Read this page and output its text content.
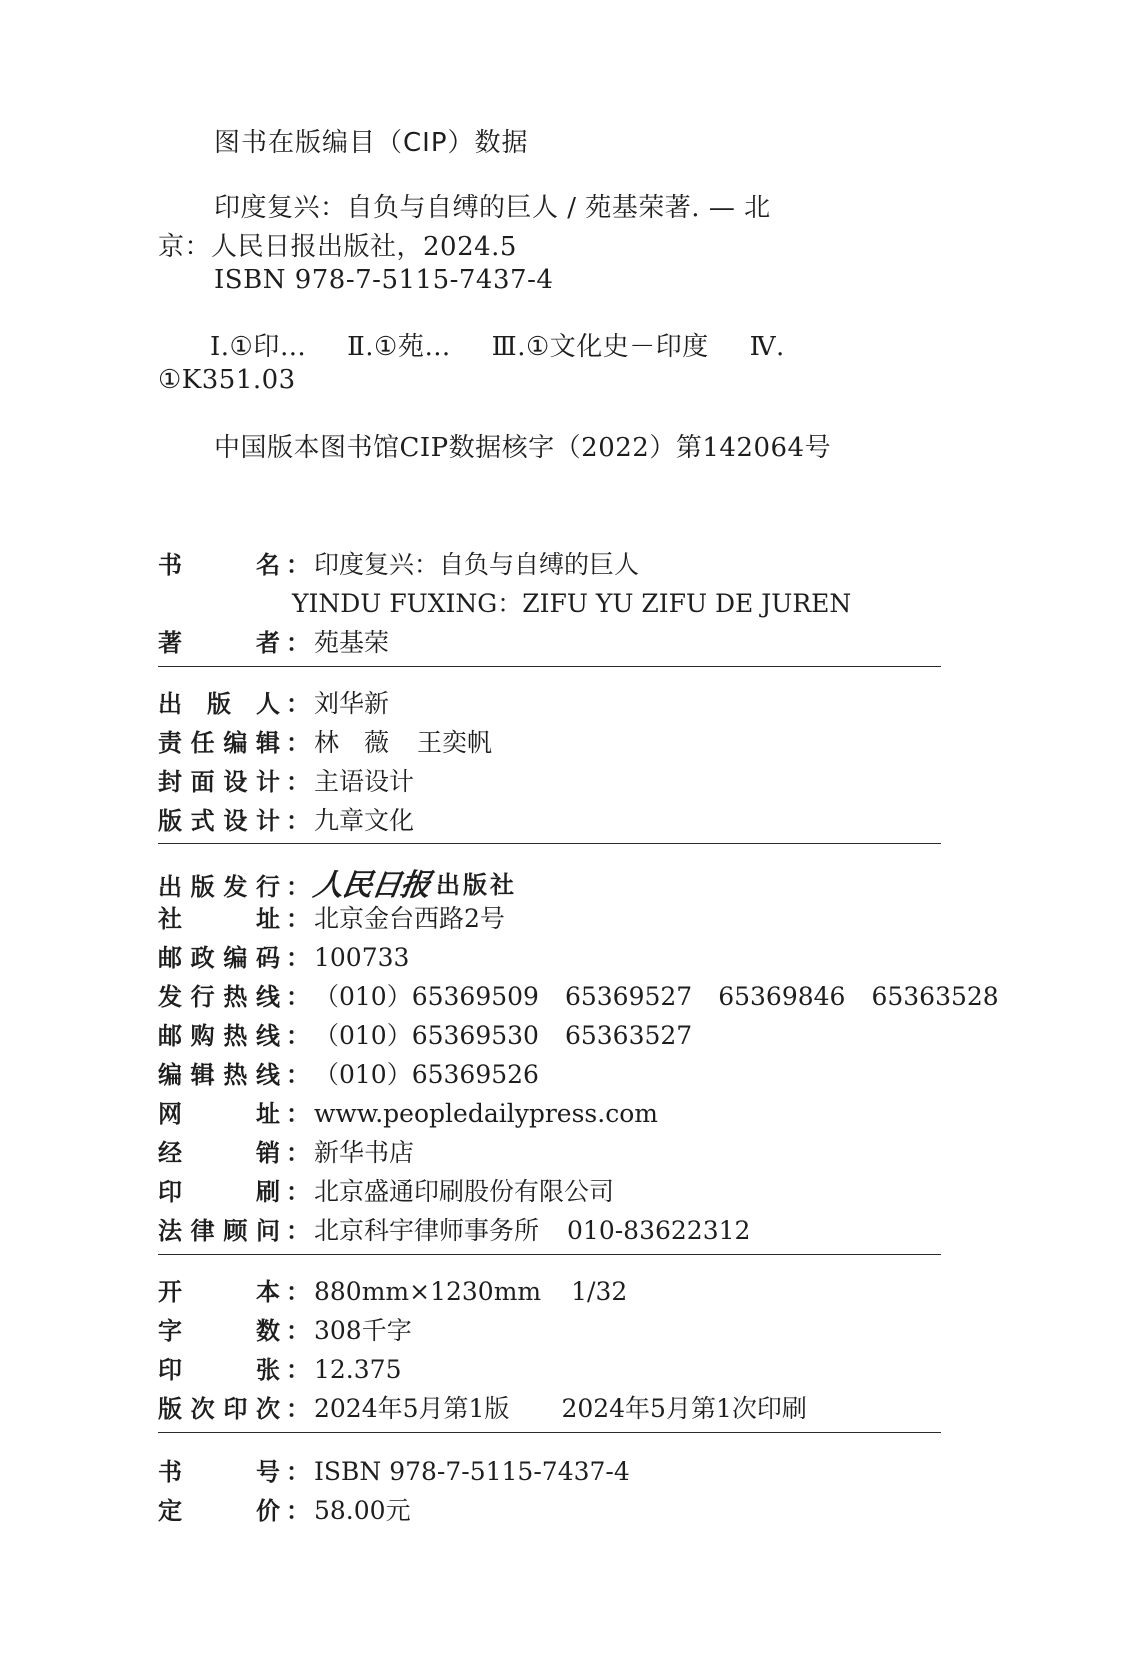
图书在版编目（CIP）数据
印度复兴：自负与自缚的巨人 / 苑基荣著. — 北
京：人民日报出版社，2024.5
ISBN 978-7-5115-7437-4
Ⅰ.①印… Ⅱ.①苑… Ⅲ.①文化史－印度 Ⅳ.
①K351.03
中国版本图书馆CIP数据核字（2022）第142064号
书名 ： 印度复兴：自负与自缚的巨人
YINDU FUXING：ZIFU YU ZIFU DE JUREN
著者 ： 苑基荣
出版人 ： 刘华新
责任编辑 ： 林　薇 王奕帆
封面设计 ： 主语设计
版式设计 ： 九章文化
出版发行 ： 人民日报 出版社
社址 ： 北京金台西路2号
邮政编码 ： 100733
发行热线 ： （010）65369509 65369527 65369846 65363528
邮购热线 ： （010）65369530 65363527
编辑热线 ： （010）65369526
网址 ： www.peopledailypress.com
经销 ： 新华书店
印刷 ： 北京盛通印刷股份有限公司
法律顾问 ： 北京科宇律师事务所 010-83622312
开本 ： 880mm×1230mm 1/32
字数 ： 308千字
印张 ： 12.375
版次印次 ： 2024年5月第1版 2024年5月第1次印刷
书号 ： ISBN 978-7-5115-7437-4
定价 ： 58.00元
